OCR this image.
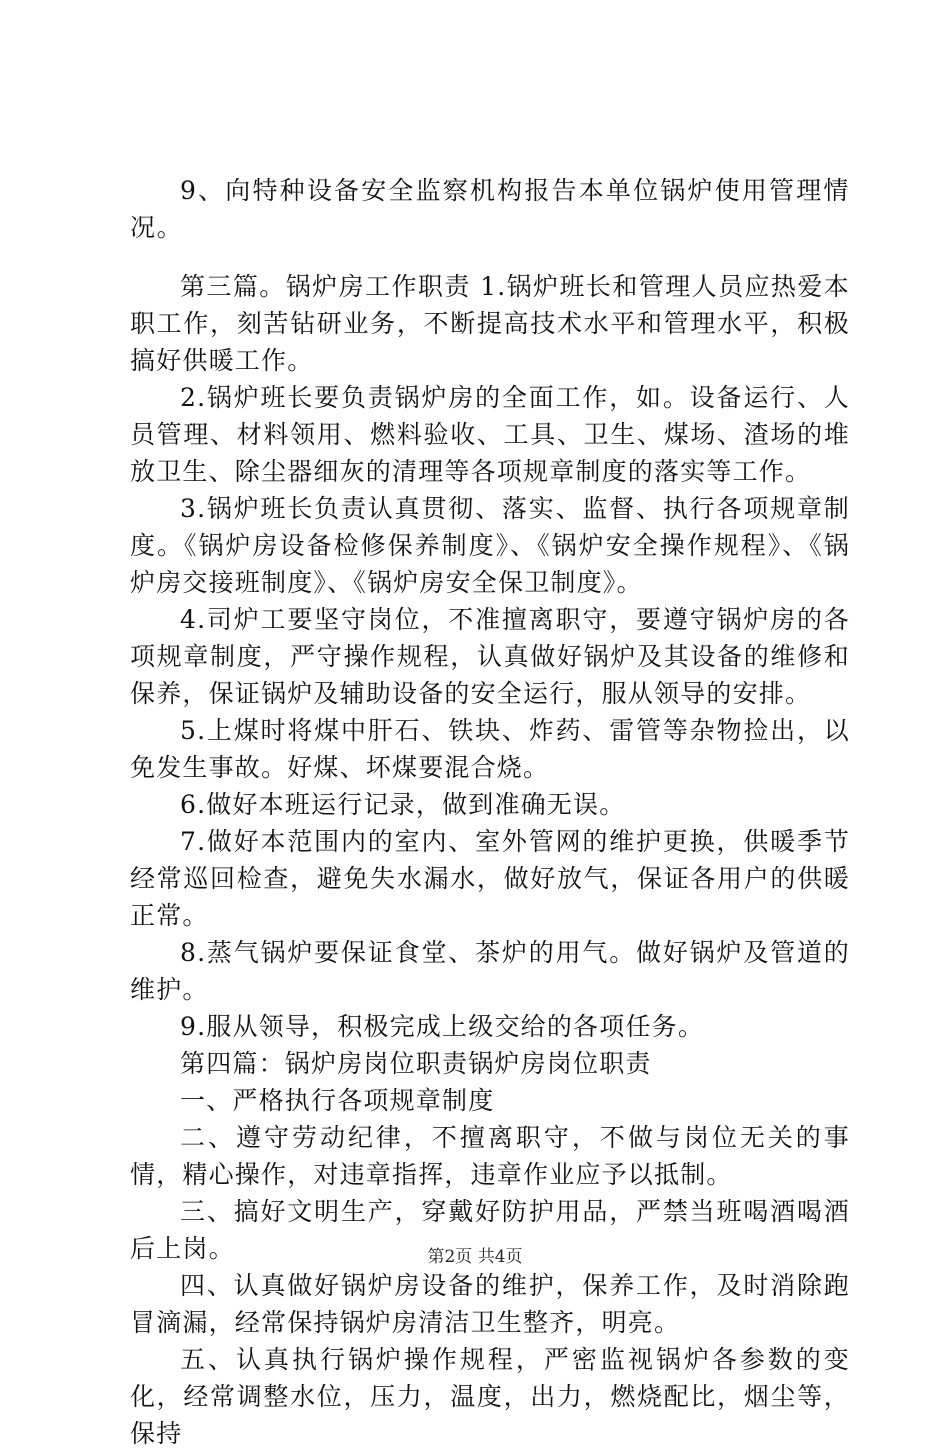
9、向特种设备安全监察机构报告本单位锅炉使用管理情况。

第三篇。锅炉房工作职责 1.锅炉班长和管理人员应热爱本职工作，刻苦钻研业务，不断提高技术水平和管理水平，积极搞好供暖工作。

2.锅炉班长要负责锅炉房的全面工作，如。设备运行、人员管理、材料领用、燃料验收、工具、卫生、煤场、渣场的堆放卫生、除尘器细灰的清理等各项规章制度的落实等工作。

3.锅炉班长负责认真贯彻、落实、监督、执行各项规章制度。《锅炉房设备检修保养制度》、《锅炉安全操作规程》、《锅炉房交接班制度》、《锅炉房安全保卫制度》。

4.司炉工要坚守岗位，不准擅离职守，要遵守锅炉房的各项规章制度，严守操作规程，认真做好锅炉及其设备的维修和保养，保证锅炉及辅助设备的安全运行，服从领导的安排。

5.上煤时将煤中肝石、铁块、炸药、雷管等杂物捡出，以免发生事故。好煤、坏煤要混合烧。

6.做好本班运行记录，做到准确无误。

7.做好本范围内的室内、室外管网的维护更换，供暖季节经常巡回检查，避免失水漏水，做好放气，保证各用户的供暖正常。

8.蒸气锅炉要保证食堂、茶炉的用气。做好锅炉及管道的维护。

9.服从领导，积极完成上级交给的各项任务。

第四篇：锅炉房岗位职责锅炉房岗位职责

一、严格执行各项规章制度

二、遵守劳动纪律，不擅离职守，不做与岗位无关的事情，精心操作，对违章指挥，违章作业应予以抵制。

三、搞好文明生产，穿戴好防护用品，严禁当班喝酒喝酒后上岗。

四、认真做好锅炉房设备的维护，保养工作，及时消除跑冒滴漏，经常保持锅炉房清洁卫生整齐，明亮。

五、认真执行锅炉操作规程，严密监视锅炉各参数的变化，经常调整水位，压力，温度，出力，燃烧配比，烟尘等，保持

第2页 共4页
